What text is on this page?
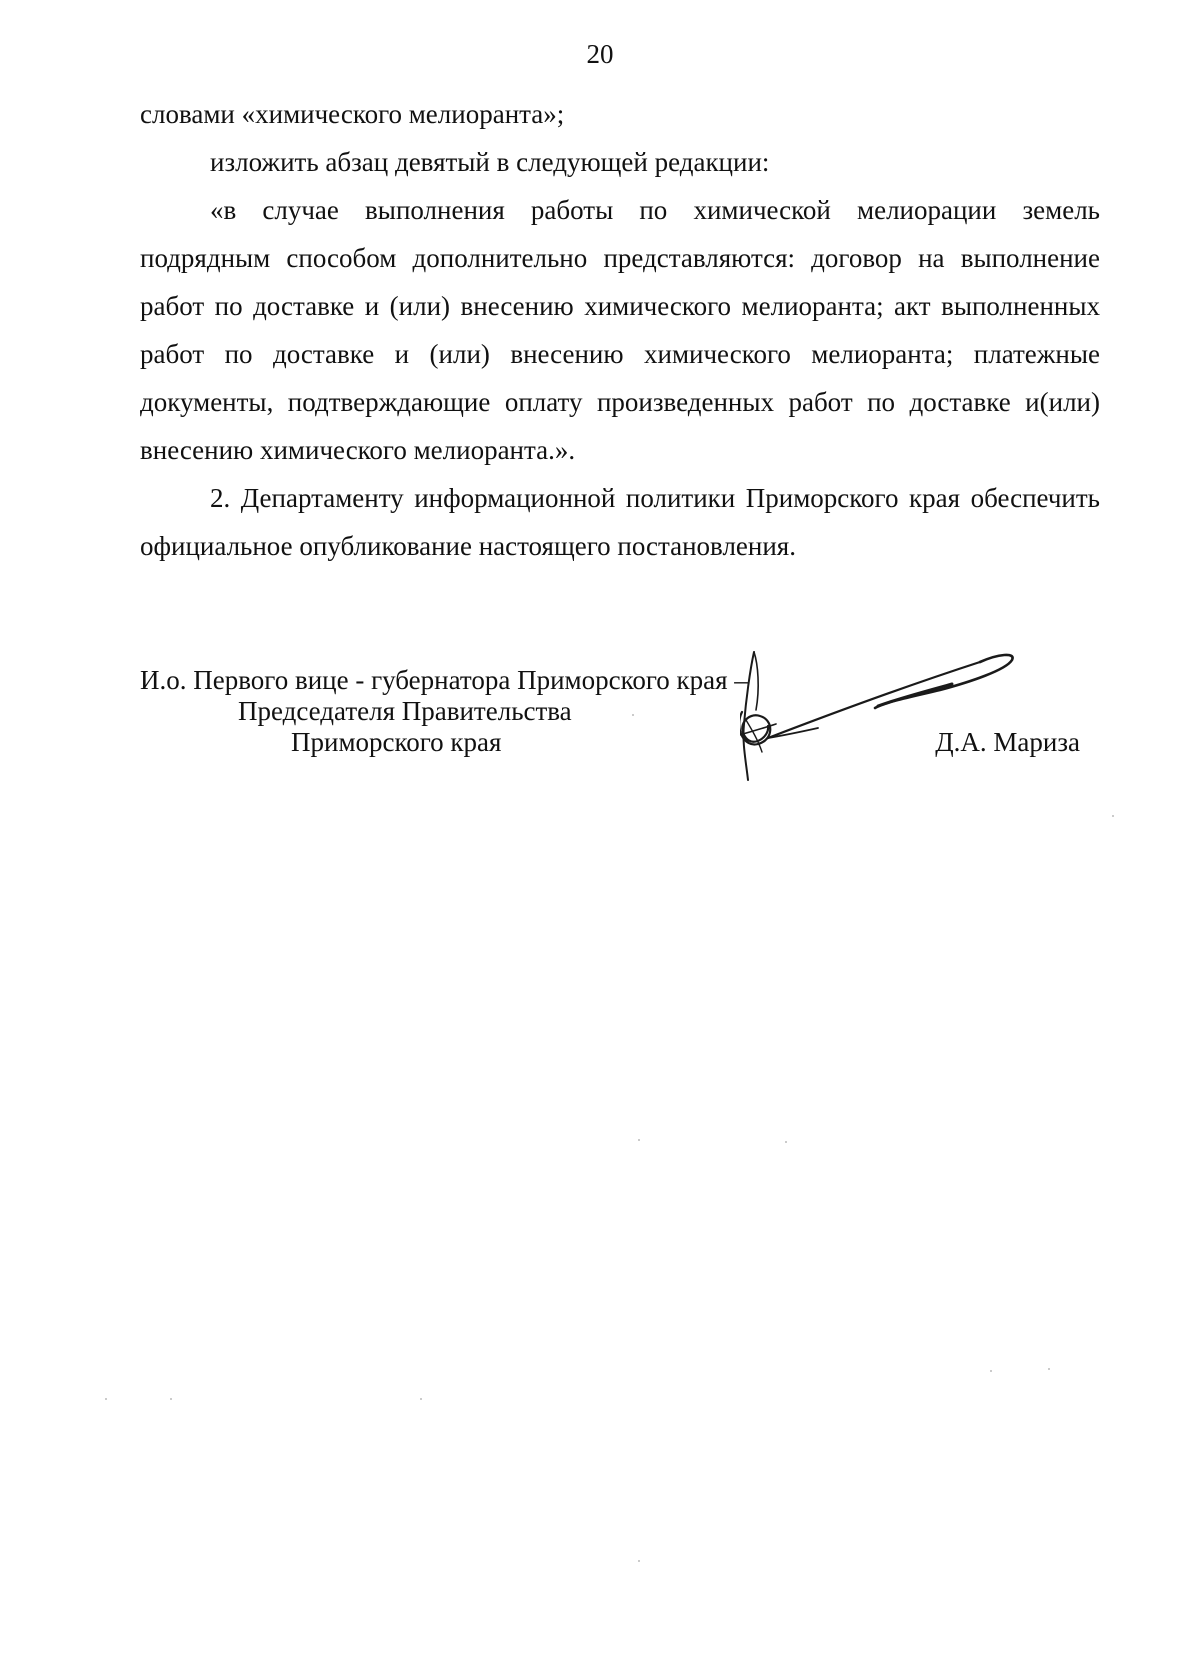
20

словами «химического мелиоранта»;

изложить абзац девятый в следующей редакции:

«в случае выполнения работы по химической мелиорации земель подрядным способом дополнительно представляются: договор на выполнение работ по доставке и (или) внесению химического мелиоранта; акт выполненных работ по доставке и (или) внесению химического мелиоранта; платежные документы, подтверждающие оплату произведенных работ по доставке и(или) внесению химического мелиоранта.».

2. Департаменту информационной политики Приморского края обеспечить официальное опубликование настоящего постановления.

И.о. Первого вице - губернатора Приморского края –
Председателя Правительства
Приморского края	Д.А. Мариза
